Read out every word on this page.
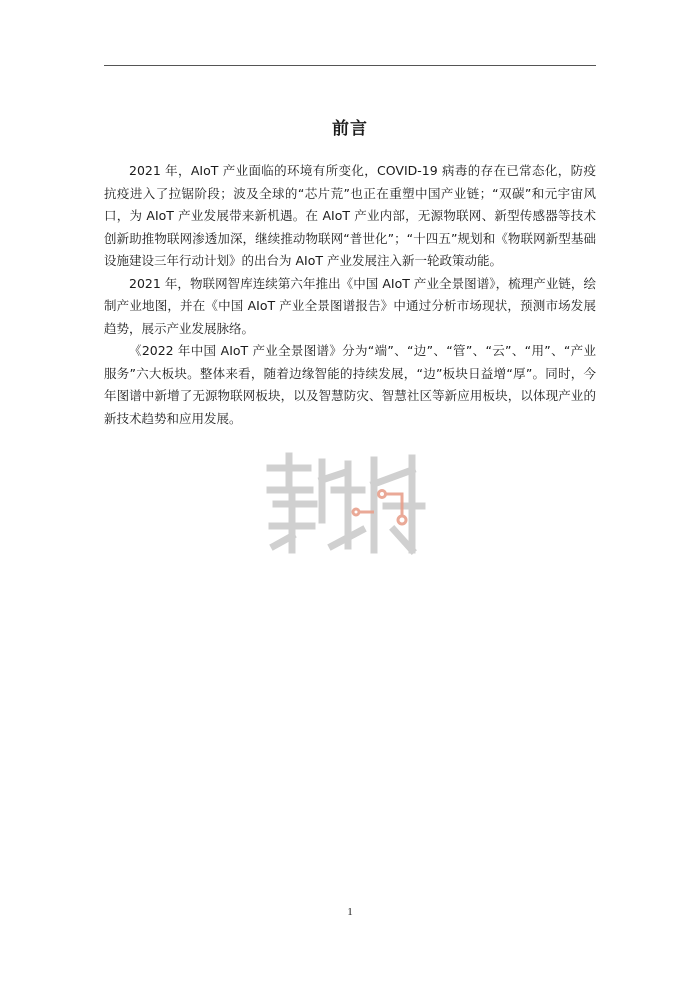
前言

2021 年，AIoT 产业面临的环境有所变化，COVID-19 病毒的存在已常态化，防疫抗疫进入了拉锯阶段；波及全球的“芯片荒”也正在重塑中国产业链；“双碳”和元宇宙风口，为 AIoT 产业发展带来新机遇。在 AIoT 产业内部，无源物联网、新型传感器等技术创新助推物联网渗透加深，继续推动物联网“普世化”；“十四五”规划和《物联网新型基础设施建设三年行动计划》的出台为 AIoT 产业发展注入新一轮政策动能。

2021 年，物联网智库连续第六年推出《中国 AIoT 产业全景图谱》，梳理产业链，绘制产业地图，并在《中国 AIoT 产业全景图谱报告》中通过分析市场现状，预测市场发展趋势，展示产业发展脉络。

《2022 年中国 AIoT 产业全景图谱》分为“端”、“边”、“管”、“云”、“用”、“产业服务”六大板块。整体来看，随着边缘智能的持续发展，“边”板块日益增“厚”。同时，今年图谱中新增了无源物联网板块，以及智慧防灾、智慧社区等新应用板块，以体现产业的新技术趋势和应用发展。

1
